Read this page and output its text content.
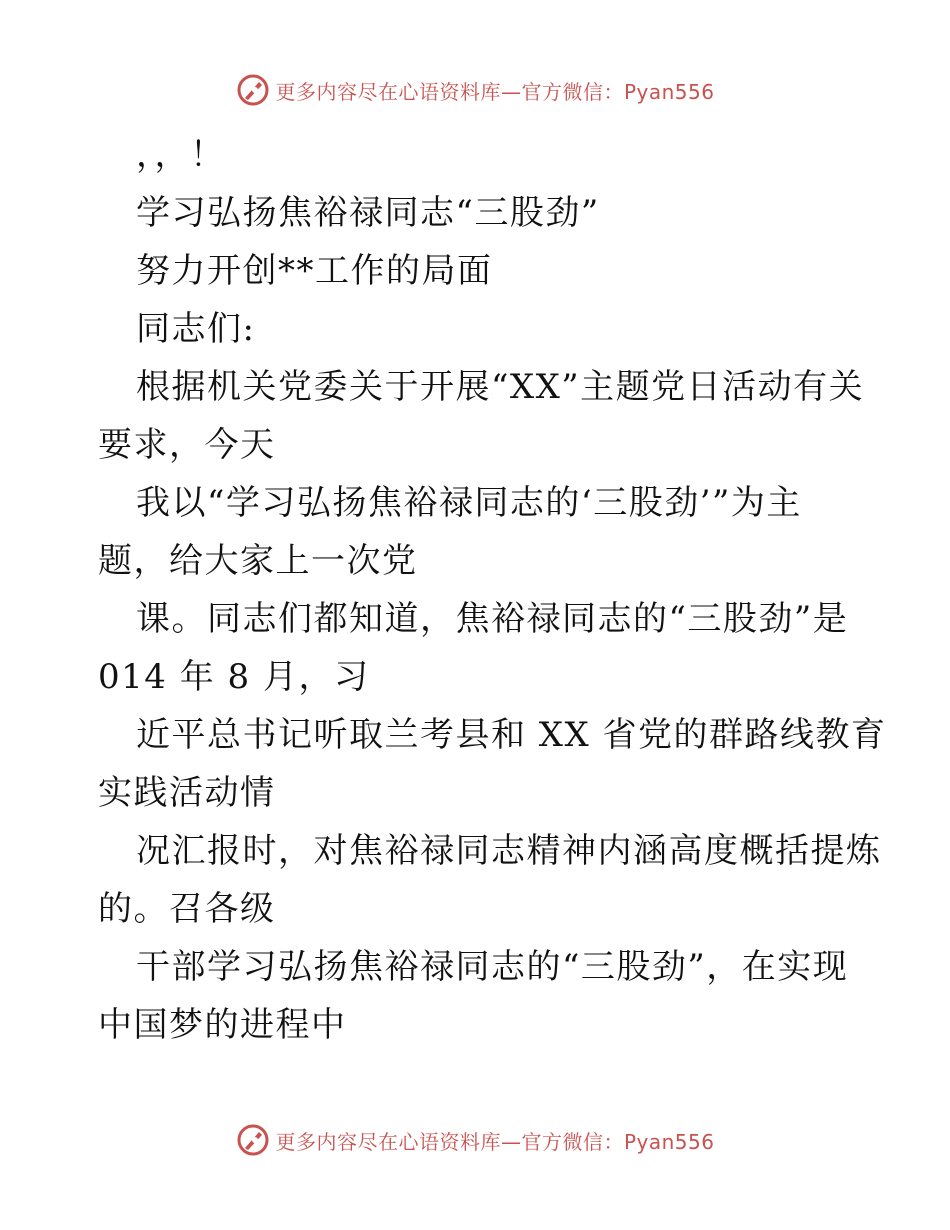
更多内容尽在心语资料库—官方微信：Pyan556
，，！
学习弘扬焦裕禄同志“三股劲”
努力开创**工作的局面
同志们:
根据机关党委关于开展“XX”主题党日活动有关
要求，今天
我以“学习弘扬焦裕禄同志的‘三股劲’”为主
题，给大家上一次党
课。同志们都知道，焦裕禄同志的“三股劲”是
014 年 8 月，习
近平总书记听取兰考县和 XX 省党的群路线教育
实践活动情
况汇报时，对焦裕禄同志精神内涵高度概括提炼
的。召各级
干部学习弘扬焦裕禄同志的“三股劲”，在实现
中国梦的进程中
更多内容尽在心语资料库—官方微信：Pyan556
